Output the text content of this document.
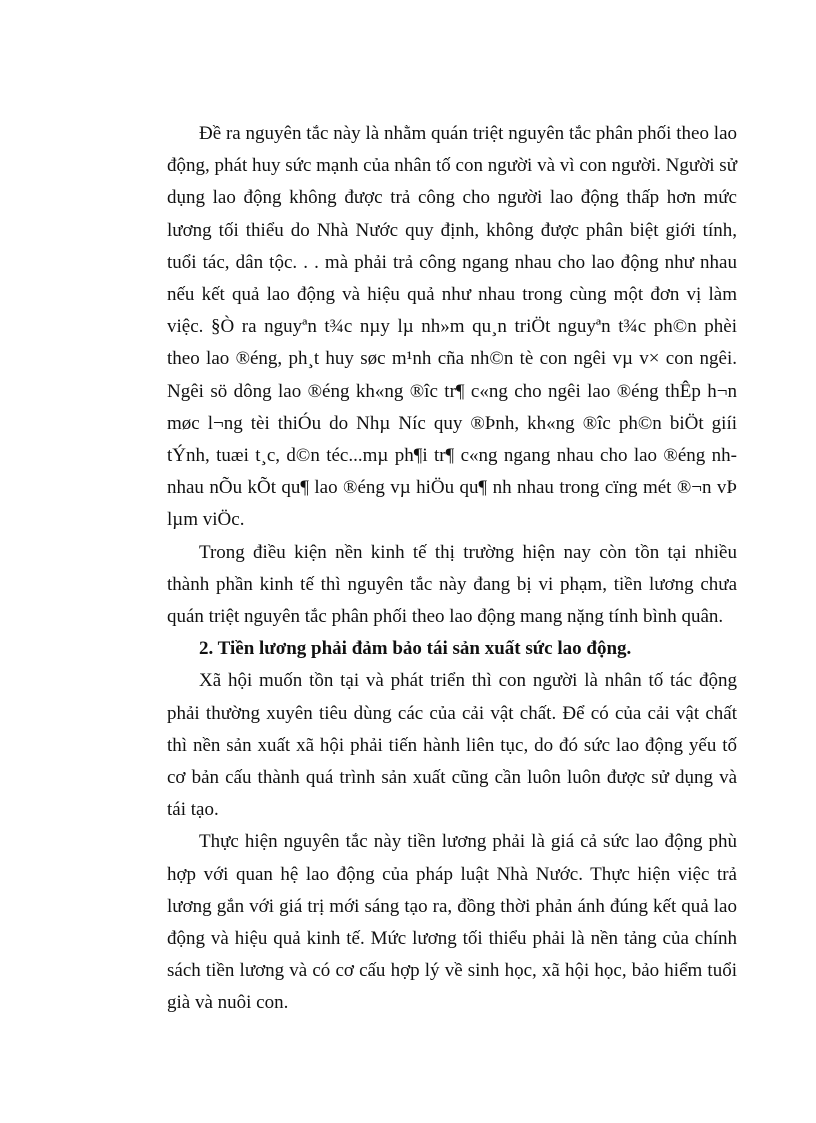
Đề ra nguyên tắc này là nhằm quán triệt nguyên tắc phân phối theo lao động, phát huy sức mạnh của nhân tố con người và vì con người. Người sử dụng lao động không được trả công cho người lao động thấp hơn mức lương tối thiểu do Nhà Nước quy định, không được phân biệt giới tính, tuổi tác, dân tộc. . . mà phải trả công ngang nhau cho lao động như nhau nếu kết quả lao động và hiệu quả như nhau trong cùng một đơn vị làm việc. §Ò ra nguyªn t¾c nµy lµ nh»m qu¸n triÖt nguyªn t¾c ph©n phèi theo lao ®éng, ph¸t huy søc m¹nh cña nh©n tè con ngêi vµ v× con ngêi. Ngêi sö dông lao ®éng kh«ng ®îc tr¶ c«ng cho ngêi lao ®éng thÊp h¬n møc l¬ng tèi thiÓu do Nhµ Níc quy ®Þnh, kh«ng ®îc ph©n biÖt giíi tÝnh, tuæi t¸c, d©n téc...mµ ph¶i tr¶ c«ng ngang nhau cho lao ®éng nh nhau nÕu kÕt qu¶ lao ®éng vµ hiÖu qu¶ nh nhau trong cïng mét ®¬n vÞ lµm viÖc.

Trong điều kiện nền kinh tế thị trường hiện nay còn tồn tại nhiều thành phần kinh tế thì nguyên tắc này đang bị vi phạm, tiền lương chưa quán triệt nguyên tắc phân phối theo lao động mang nặng tính bình quân.

2. Tiền lương phải đảm bảo tái sản xuất sức lao động.

Xã hội muốn tồn tại và phát triển thì con người là nhân tố tác động phải thường xuyên tiêu dùng các của cải vật chất. Để có của cải vật chất thì nền sản xuất xã hội phải tiến hành liên tục, do đó sức lao động yếu tố cơ bản cấu thành quá trình sản xuất cũng cần luôn luôn được sử dụng và tái tạo.

Thực hiện nguyên tắc này tiền lương phải là giá cả sức lao động phù hợp với quan hệ lao động của pháp luật Nhà Nước. Thực hiện việc trả lương gắn với giá trị mới sáng tạo ra, đồng thời phản ánh đúng kết quả lao động và hiệu quả kinh tế. Mức lương tối thiểu phải là nền tảng của chính sách tiền lương và có cơ cấu hợp lý về sinh học, xã hội học, bảo hiểm tuổi già và nuôi con.
